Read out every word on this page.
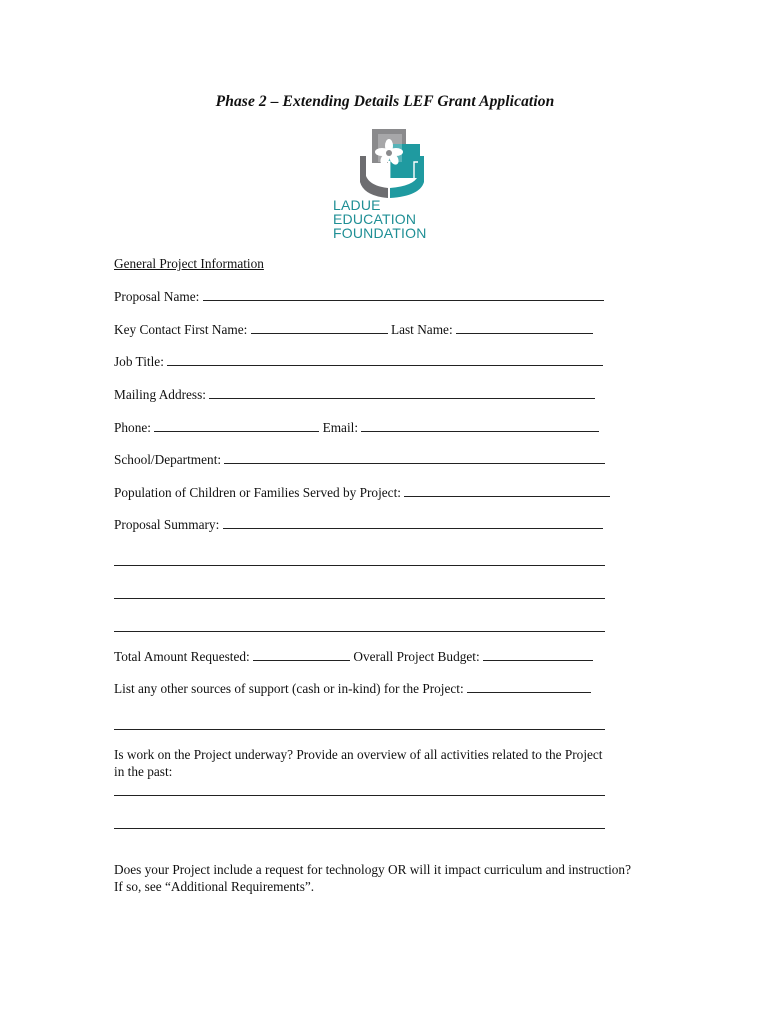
Phase 2 – Extending Details LEF Grant Application
LADUE
EDUCATION
FOUNDATION
General Project Information
Proposal Name:
Key Contact First Name:	Last Name:
Job Title:
Mailing Address:
Phone:	Email:
School/Department:
Population of Children or Families Served by Project:
Proposal Summary:
Total Amount Requested:	Overall Project Budget:
List any other sources of support (cash or in-kind) for the Project:
Is work on the Project underway? Provide an overview of all activities related to the Project
in the past:
Does your Project include a request for technology OR will it impact curriculum and instruction?
If so, see “Additional Requirements”.
